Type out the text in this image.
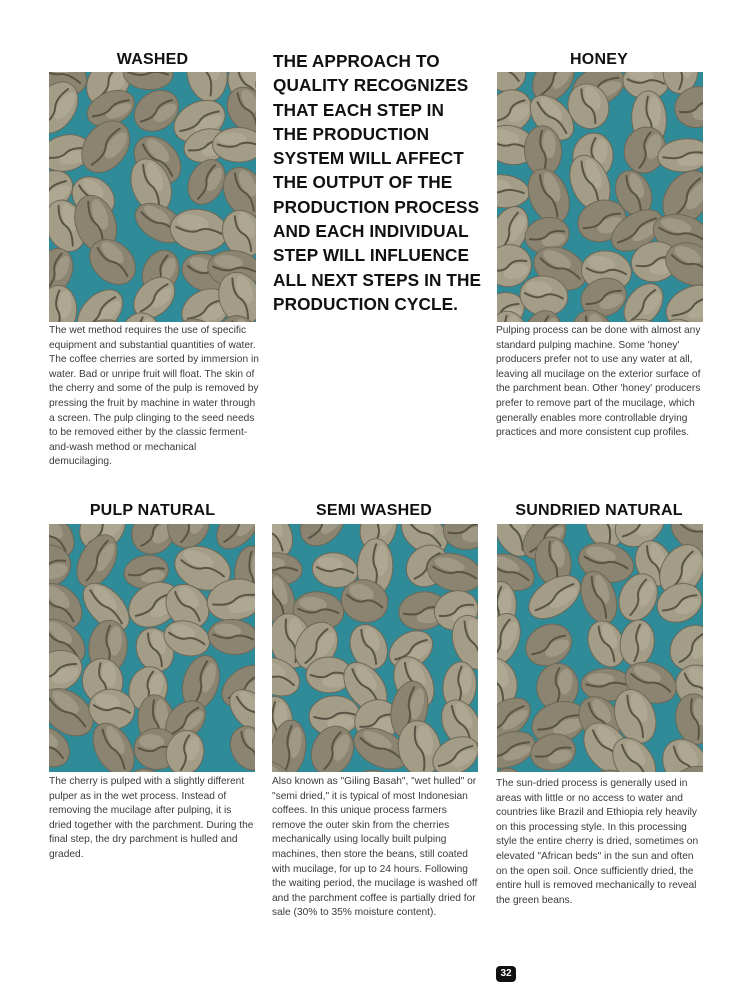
WASHED

The wet method requires the use of specific equipment and substantial quantities of water. The coffee cherries are sorted by immersion in water. Bad or unripe fruit will float. The skin of the cherry and some of the pulp is removed by pressing the fruit by machine in water through a screen. The pulp clinging to the seed needs to be removed either by the classic ferment-and-wash method or mechanical demucilaging.

THE APPROACH TO QUALITY RECOGNIZES THAT EACH STEP IN THE PRODUCTION SYSTEM WILL AFFECT THE OUTPUT OF THE PRODUCTION PROCESS AND EACH INDIVIDUAL STEP WILL INFLUENCE ALL NEXT STEPS IN THE PRODUCTION CYCLE.
HONEY

Pulping process can be done with almost any standard pulping machine. Some 'honey' producers prefer not to use any water at all, leaving all mucilage on the exterior surface of the parchment bean. Other 'honey' producers prefer to remove part of the mucilage, which generally enables more controllable drying practices and more consistent cup profiles.

PULP NATURAL

The cherry is pulped with a slightly different pulper as in the wet process. Instead of removing the mucilage after pulping, it is dried together with the parchment. During the final step, the dry parchment is hulled and graded.

SEMI WASHED

Also known as "Giling Basah", "wet hulled" or "semi dried," it is typical of most Indonesian coffees. In this unique process farmers remove the outer skin from the cherries mechanically using locally built pulping machines, then store the beans, still coated with mucilage, for up to 24 hours. Following the waiting period, the mucilage is washed off and the parchment coffee is partially dried for sale (30% to 35% moisture content).

SUNDRIED NATURAL

The sun-dried process is generally used in areas with little or no access to water and countries like Brazil and Ethiopia rely heavily on this processing style. In this processing style the entire cherry is dried, sometimes on elevated "African beds" in the sun and often on the open soil. Once sufficiently dried, the entire hull is removed mechanically to reveal the green beans.

32
